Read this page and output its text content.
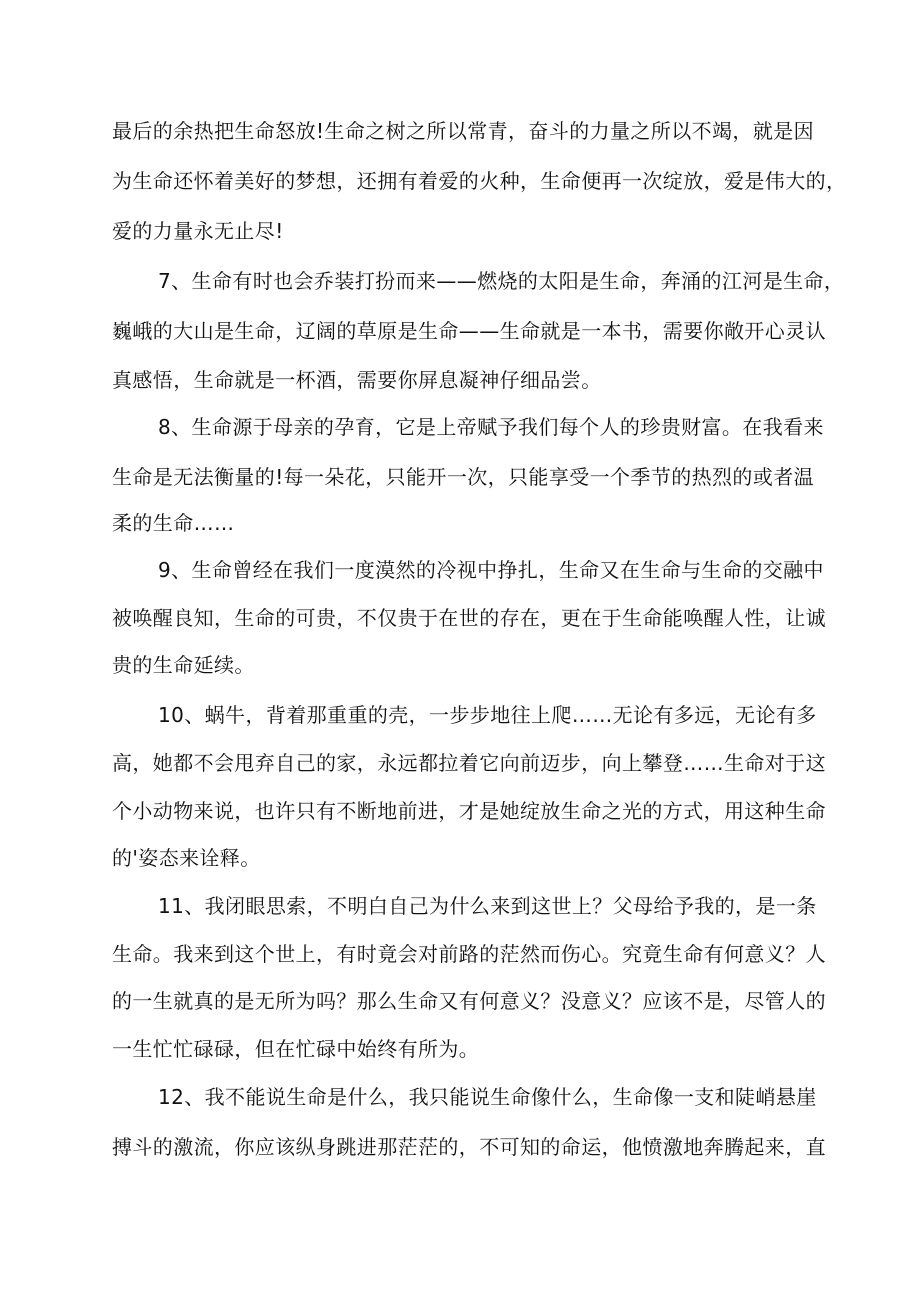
最后的余热把生命怒放!生命之树之所以常青，奋斗的力量之所以不竭，就是因
为生命还怀着美好的梦想，还拥有着爱的火种，生命便再一次绽放，爱是伟大的，
爱的力量永无止尽!
7、生命有时也会乔装打扮而来——燃烧的太阳是生命，奔涌的江河是生命，
巍峨的大山是生命，辽阔的草原是生命——生命就是一本书，需要你敞开心灵认
真感悟，生命就是一杯酒，需要你屏息凝神仔细品尝。
8、生命源于母亲的孕育，它是上帝赋予我们每个人的珍贵财富。在我看来
生命是无法衡量的!每一朵花，只能开一次，只能享受一个季节的热烈的或者温
柔的生命……
9、生命曾经在我们一度漠然的冷视中挣扎，生命又在生命与生命的交融中
被唤醒良知，生命的可贵，不仅贵于在世的存在，更在于生命能唤醒人性，让诚
贵的生命延续。
10、蜗牛，背着那重重的壳，一步步地往上爬……无论有多远，无论有多
高，她都不会甩弃自己的家，永远都拉着它向前迈步，向上攀登……生命对于这
个小动物来说，也许只有不断地前进，才是她绽放生命之光的方式，用这种生命
的'姿态来诠释。
11、我闭眼思索，不明白自己为什么来到这世上？父母给予我的，是一条
生命。我来到这个世上，有时竟会对前路的茫然而伤心。究竟生命有何意义？人
的一生就真的是无所为吗？那么生命又有何意义？没意义？应该不是，尽管人的
一生忙忙碌碌，但在忙碌中始终有所为。
12、我不能说生命是什么，我只能说生命像什么，生命像一支和陡峭悬崖
搏斗的激流，你应该纵身跳进那茫茫的，不可知的命运，他愤激地奔腾起来，直
